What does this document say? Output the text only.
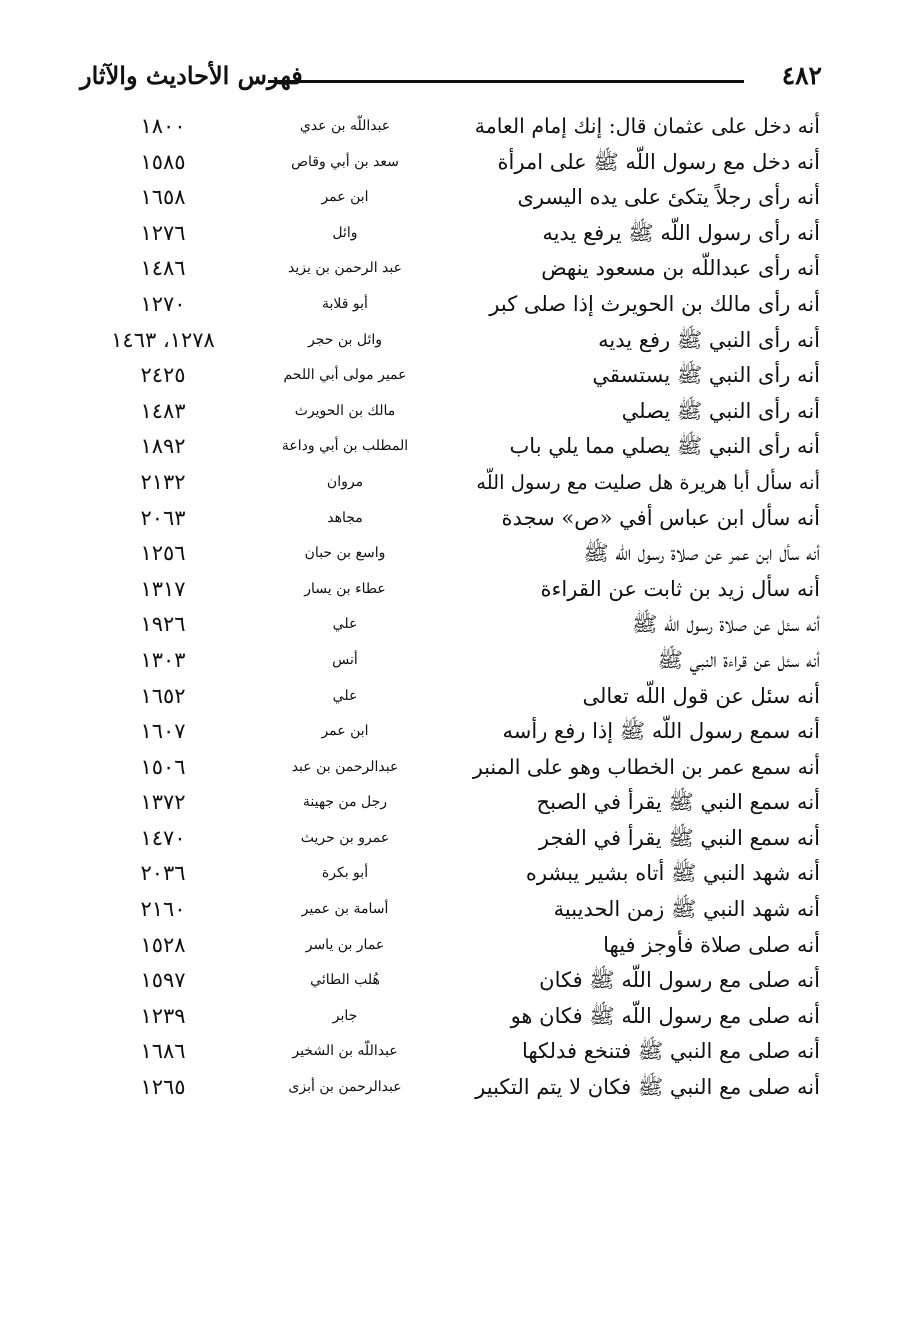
٤٨٢
فهرس الأحاديث والآثار
أنه دخل على عثمان قال: إنك إمام العامة
عبداللّه بن عدي
١٨٠٠
أنه دخل مع رسول اللّه ﷺ على امرأة
سعد بن أبي وقاص
١٥٨٥
أنه رأى رجلاً يتكئ على يده اليسرى
ابن عمر
١٦٥٨
أنه رأى رسول اللّه ﷺ يرفع يديه
وائل
١٢٧٦
أنه رأى عبداللّه بن مسعود ينهض
عبد الرحمن بن يزيد
١٤٨٦
أنه رأى مالك بن الحويرث إذا صلى كبر
أبو قلابة
١٢٧٠
أنه رأى النبي ﷺ رفع يديه
وائل بن حجر
١٢٧٨، ١٤٦٣
أنه رأى النبي ﷺ يستسقي
عمير مولى أبي اللحم
٢٤٢٥
أنه رأى النبي ﷺ يصلي
مالك بن الحويرث
١٤٨٣
أنه رأى النبي ﷺ يصلي مما يلي باب
المطلب بن أبي وداعة
١٨٩٢
أنه سأل أبا هريرة هل صليت مع رسول اللّه
مروان
٢١٣٢
أنه سأل ابن عباس أفي «ص» سجدة
مجاهد
٢٠٦٣
أنه سأل ابن عمر عن صلاة رسول اللّه ﷺ
واسع بن حبان
١٢٥٦
أنه سأل زيد بن ثابت عن القراءة
عطاء بن يسار
١٣١٧
أنه سئل عن صلاة رسول اللّه ﷺ
علي
١٩٢٦
أنه سئل عن قراءة النبي ﷺ
أنس
١٣٠٣
أنه سئل عن قول اللّه تعالى
علي
١٦٥٢
أنه سمع رسول اللّه ﷺ إذا رفع رأسه
ابن عمر
١٦٠٧
أنه سمع عمر بن الخطاب وهو على المنبر
عبدالرحمن بن عبد
١٥٠٦
أنه سمع النبي ﷺ يقرأ في الصبح
رجل من جهينة
١٣٧٢
أنه سمع النبي ﷺ يقرأ في الفجر
عمرو بن حريث
١٤٧٠
أنه شهد النبي ﷺ أتاه بشير يبشره
أبو بكرة
٢٠٣٦
أنه شهد النبي ﷺ زمن الحديبية
أسامة بن عمير
٢١٦٠
أنه صلى صلاة فأوجز فيها
عمار بن ياسر
١٥٢٨
أنه صلى مع رسول اللّه ﷺ فكان
هُلب الطائي
١٥٩٧
أنه صلى مع رسول اللّه ﷺ فكان هو
جابر
١٢٣٩
أنه صلى مع النبي ﷺ فتنخع فدلكها
عبداللّه بن الشخير
١٦٨٦
أنه صلى مع النبي ﷺ فكان لا يتم التكبير
عبدالرحمن بن أبزى
١٢٦٥
